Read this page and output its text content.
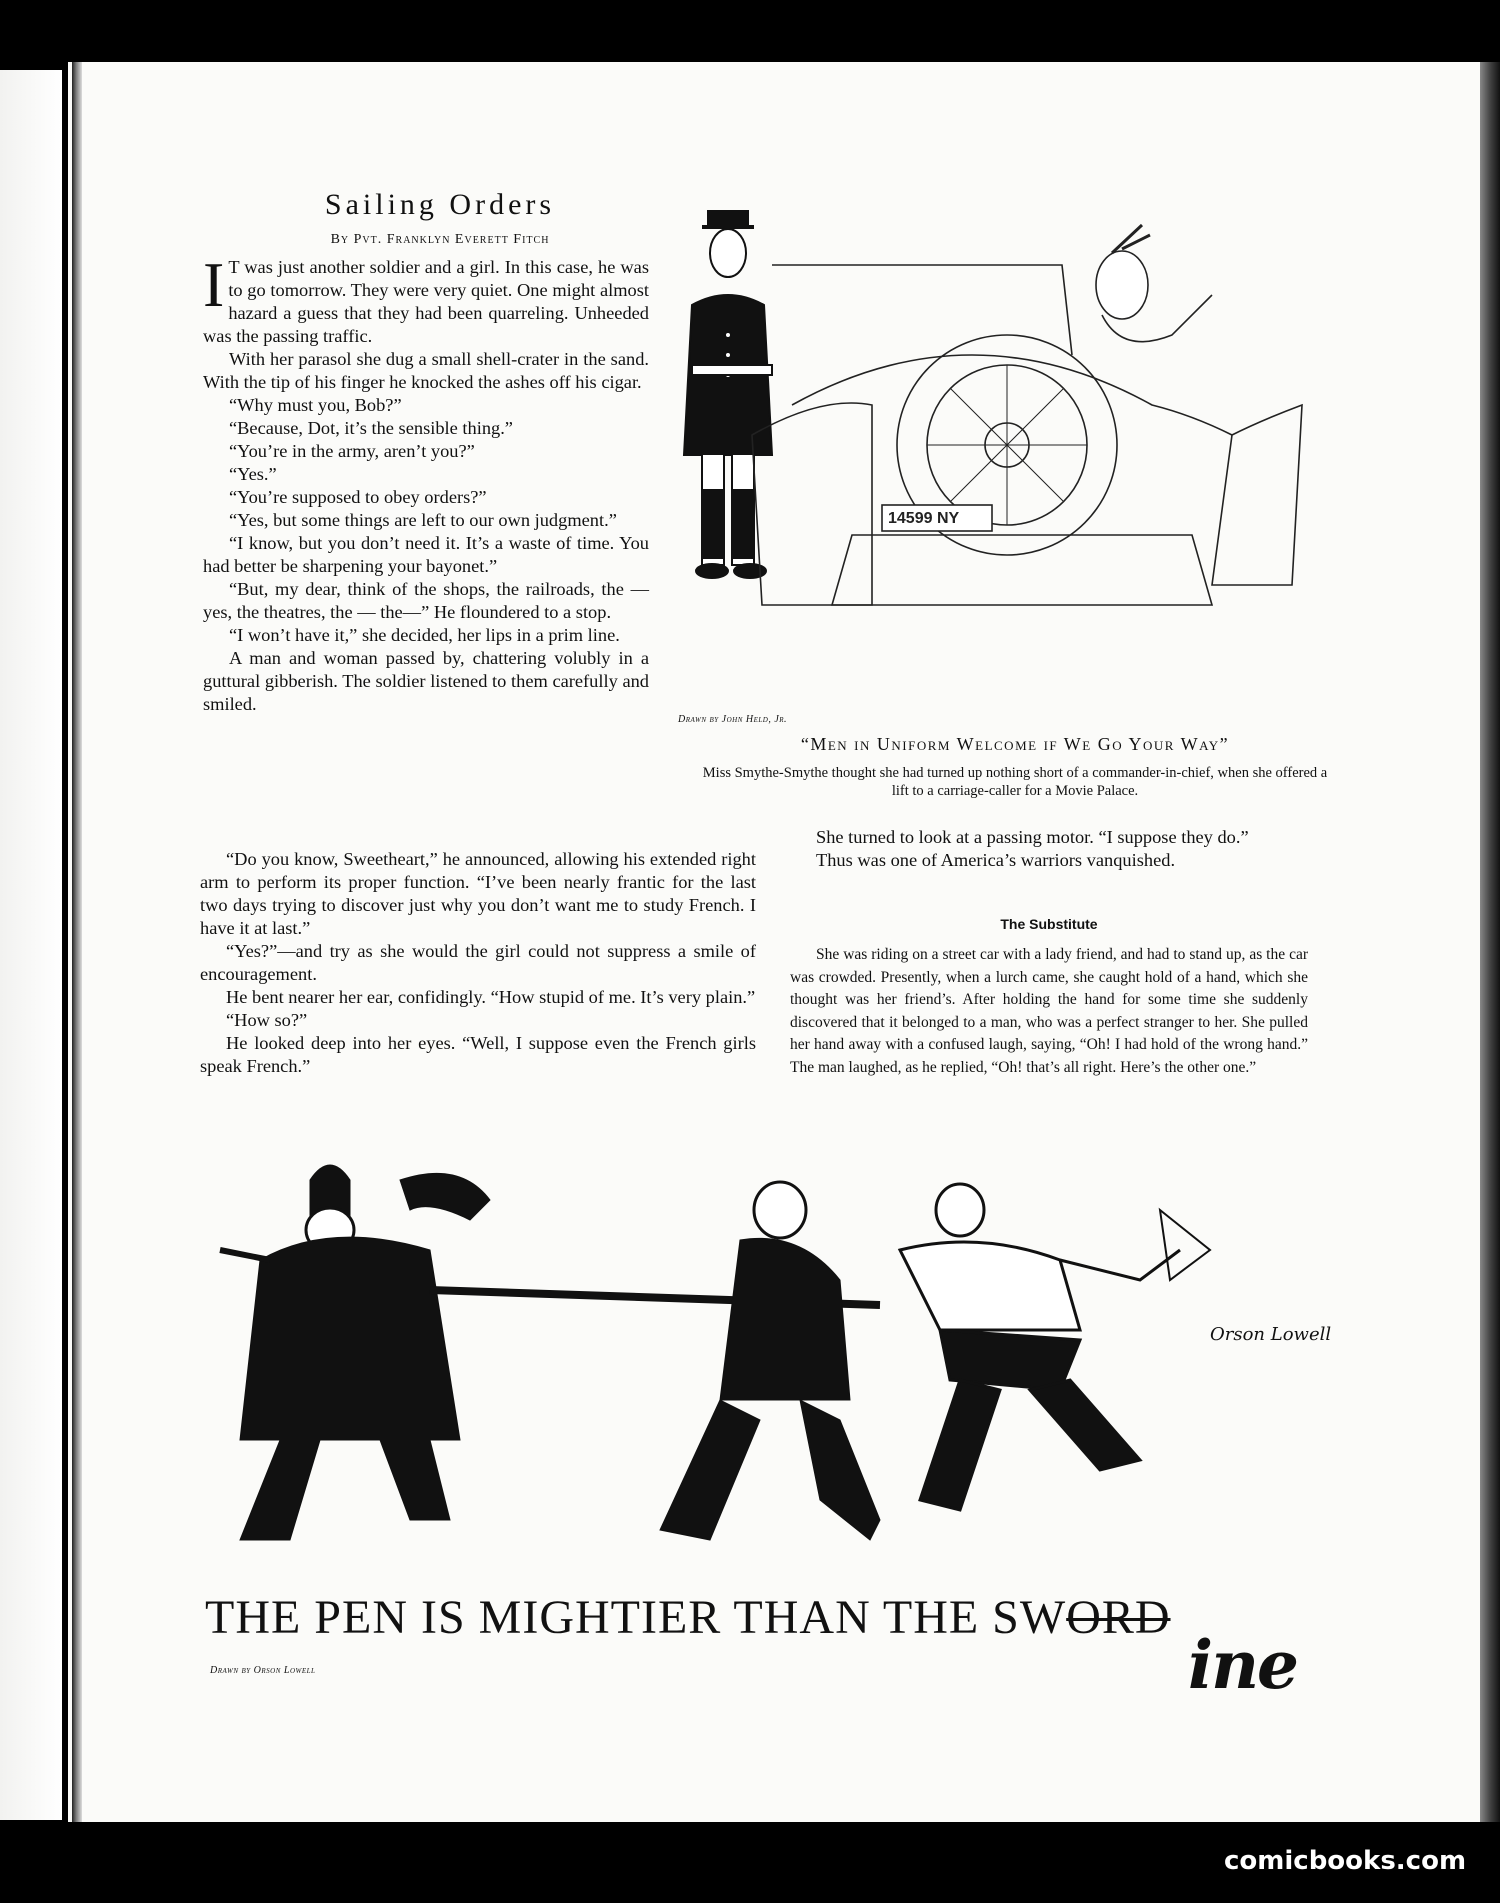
Sailing Orders
By Pvt. Franklyn Everett Fitch

I T was just another soldier and a girl. In this case, he was to go tomorrow. They were very quiet. One might almost hazard a guess that they had been quarreling. Unheeded was the passing traffic.

With her parasol she dug a small shell-crater in the sand. With the tip of his finger he knocked the ashes off his cigar.

“Why must you, Bob?”

“Because, Dot, it’s the sensible thing.”

“You’re in the army, aren’t you?”

“Yes.”

“You’re supposed to obey orders?”

“Yes, but some things are left to our own judgment.”

“I know, but you don’t need it. It’s a waste of time. You had better be sharpening your bayonet.”

“But, my dear, think of the shops, the railroads, the —yes, the theatres, the — the—” He floundered to a stop.

“I won’t have it,” she decided, her lips in a prim line.

A man and woman passed by, chattering volubly in a guttural gibberish. The soldier listened to them carefully and smiled.

“Do you know, Sweetheart,” he announced, allowing his extended right arm to perform its proper function. “I’ve been nearly frantic for the last two days trying to discover just why you don’t want me to study French. I have it at last.”

“Yes?”—and try as she would the girl could not suppress a smile of encouragement.

He bent nearer her ear, confidingly. “How stupid of me. It’s very plain.”

“How so?”

He looked deep into her eyes. “Well, I suppose even the French girls speak French.”

She turned to look at a passing motor. “I suppose they do.”

Thus was one of America’s warriors vanquished.

The Substitute

She was riding on a street car with a lady friend, and had to stand up, as the car was crowded. Presently, when a lurch came, she caught hold of a hand, which she thought was her friend’s. After holding the hand for some time she suddenly discovered that it belonged to a man, who was a perfect stranger to her. She pulled her hand away with a confused laugh, saying, “Oh! I had hold of the wrong hand.” The man laughed, as he replied, “Oh! that’s all right. Here’s the other one.”

14599 NY
Drawn by John Held, Jr.
“Men in Uniform Welcome if We Go Your Way”
Miss Smythe-Smythe thought she had turned up nothing short of a commander-in-chief, when she offered a lift to a carriage-caller for a Movie Palace.
Orson Lowell
THE PEN IS MIGHTIER THAN THE SWORD
ine
Drawn by Orson Lowell
comicbooks.com
